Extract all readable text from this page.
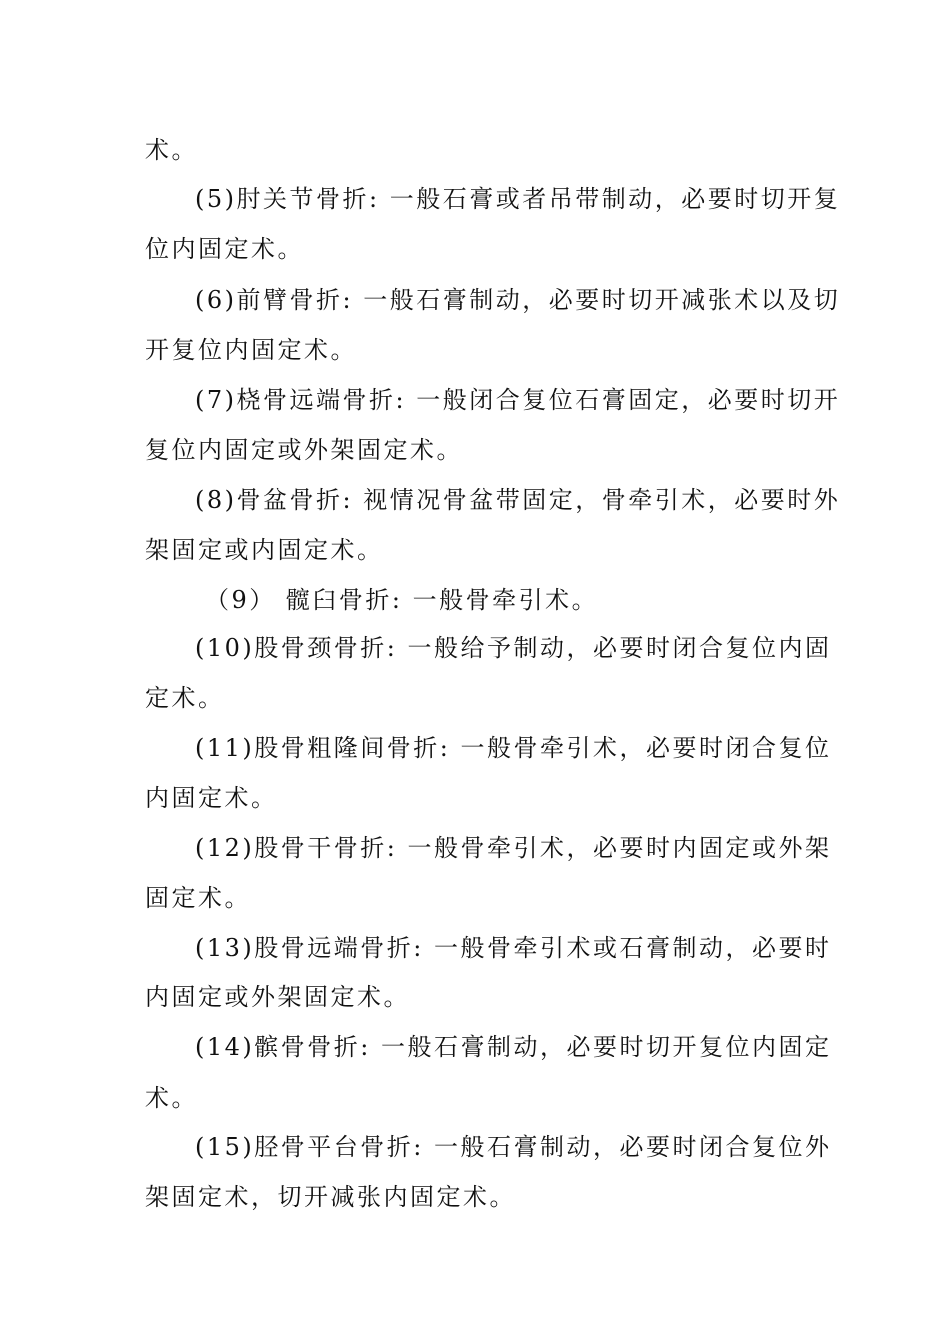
术。
(5)肘关节骨折: 一般石膏或者吊带制动，必要时切开复
位内固定术。
(6)前臂骨折: 一般石膏制动，必要时切开减张术以及切
开复位内固定术。
(7)桡骨远端骨折: 一般闭合复位石膏固定，必要时切开
复位内固定或外架固定术。
(8)骨盆骨折: 视情况骨盆带固定，骨牵引术，必要时外
架固定或内固定术。
（9） 髋臼骨折: 一般骨牵引术。
(10)股骨颈骨折: 一般给予制动，必要时闭合复位内固
定术。
(11)股骨粗隆间骨折: 一般骨牵引术，必要时闭合复位
内固定术。
(12)股骨干骨折: 一般骨牵引术，必要时内固定或外架
固定术。
(13)股骨远端骨折: 一般骨牵引术或石膏制动，必要时
内固定或外架固定术。
(14)髌骨骨折: 一般石膏制动，必要时切开复位内固定
术。
(15)胫骨平台骨折: 一般石膏制动，必要时闭合复位外
架固定术，切开减张内固定术。
